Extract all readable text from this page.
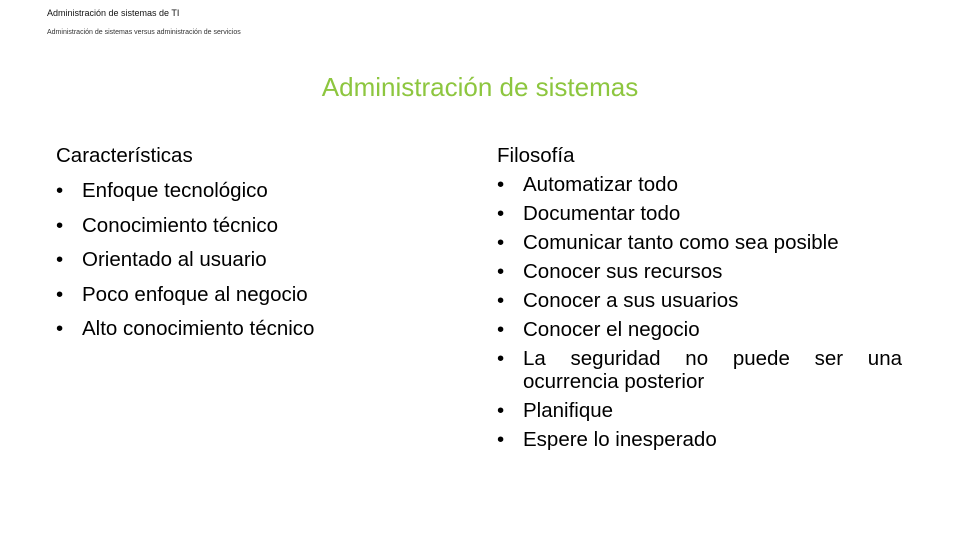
Administración de sistemas de TI
Administración de sistemas versus administración de servicios
Administración de sistemas
Características
• Enfoque tecnológico
• Conocimiento técnico
• Orientado al usuario
• Poco enfoque al negocio
• Alto conocimiento técnico
Filosofía
• Automatizar todo
• Documentar todo
• Comunicar tanto como sea posible
• Conocer sus recursos
• Conocer a sus usuarios
• Conocer el negocio
• La seguridad no puede ser una ocurrencia posterior
• Planifique
• Espere lo inesperado
